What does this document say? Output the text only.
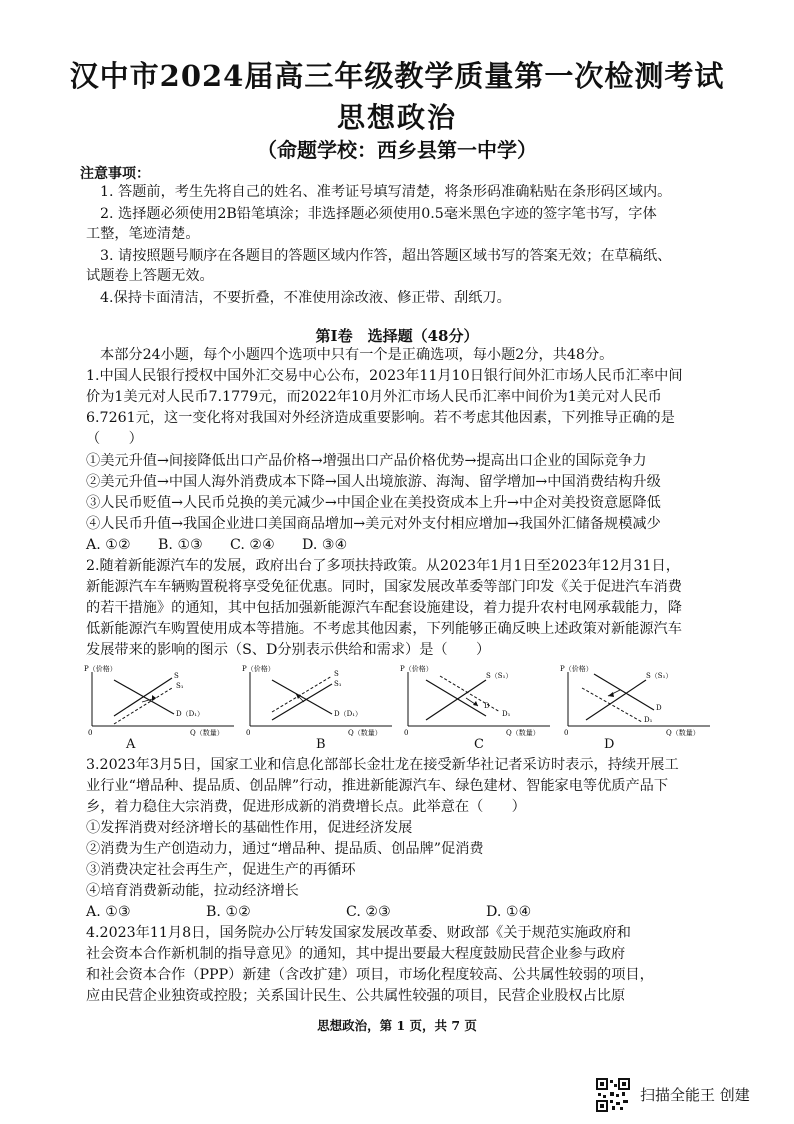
汉中市2024届高三年级教学质量第一次检测考试
思想政治
（命题学校：西乡县第一中学）
注意事项：
1. 答题前，考生先将自己的姓名、准考证号填写清楚，将条形码准确粘贴在条形码区域内。
2. 选择题必须使用2B铅笔填涂；非选择题必须使用0.5毫米黑色字迹的签字笔书写，字体
工整，笔迹清楚。
3. 请按照题号顺序在各题目的答题区域内作答，超出答题区域书写的答案无效；在草稿纸、
试题卷上答题无效。
4.保持卡面清洁，不要折叠，不准使用涂改液、修正带、刮纸刀。
第Ⅰ卷　选择题（48分）
本部分24小题，每个小题四个选项中只有一个是正确选项，每小题2分，共48分。
1.中国人民银行授权中国外汇交易中心公布，2023年11月10日银行间外汇市场人民币汇率中间
价为1美元对人民币7.1779元，而2022年10月外汇市场人民币汇率中间价为1美元对人民币
6.7261元，这一变化将对我国对外经济造成重要影响。若不考虑其他因素，下列推导正确的是
（　　）
①美元升值→间接降低出口产品价格→增强出口产品价格优势→提高出口企业的国际竞争力
②美元升值→中国人海外消费成本下降→国人出境旅游、海淘、留学增加→中国消费结构升级
③人民币贬值→人民币兑换的美元减少→中国企业在美投资成本上升→中企对美投资意愿降低
④人民币升值→我国企业进口美国商品增加→美元对外支付相应增加→我国外汇储备规模减少
A. ①② B. ①③ C. ②④ D. ③④
2.随着新能源汽车的发展，政府出台了多项扶持政策。从2023年1月1日至2023年12月31日，
新能源汽车车辆购置税将享受免征优惠。同时，国家发展改革委等部门印发《关于促进汽车消费
的若干措施》的通知，其中包括加强新能源汽车配套设施建设，着力提升农村电网承载能力，降
低新能源汽车购置使用成本等措施。不考虑其他因素，下列能够正确反映上述政策对新能源汽车
发展带来的影响的图示（S、D分别表示供给和需求）是（　　）
P（价格）
S
S₁
D（D₁）
0	Q（数量）
P（价格）
S
S₁
D（D₁）
0	Q（数量）
P（价格）
S（S₁）
D
D₁
0	Q（数量）
P（价格）
S（S₁）
D
D₁
0	Q（数量）
A	B	C	D
3.2023年3月5日，国家工业和信息化部部长金壮龙在接受新华社记者采访时表示，持续开展工
业行业“增品种、提品质、创品牌”行动，推进新能源汽车、绿色建材、智能家电等优质产品下
乡，着力稳住大宗消费，促进形成新的消费增长点。此举意在（　　）
①发挥消费对经济增长的基础性作用，促进经济发展
②消费为生产创造动力，通过“增品种、提品质、创品牌”促消费
③消费决定社会再生产，促进生产的再循环
④培育消费新动能，拉动经济增长
A. ①③	B. ①②	C. ②③	D. ①④
4.2023年11月8日，国务院办公厅转发国家发展改革委、财政部《关于规范实施政府和
社会资本合作新机制的指导意见》的通知，其中提出要最大程度鼓励民营企业参与政府
和社会资本合作（PPP）新建（含改扩建）项目，市场化程度较高、公共属性较弱的项目，
应由民营企业独资或控股；关系国计民生、公共属性较强的项目，民营企业股权占比原
思想政治，第 1 页，共 7 页
扫描全能王 创建
